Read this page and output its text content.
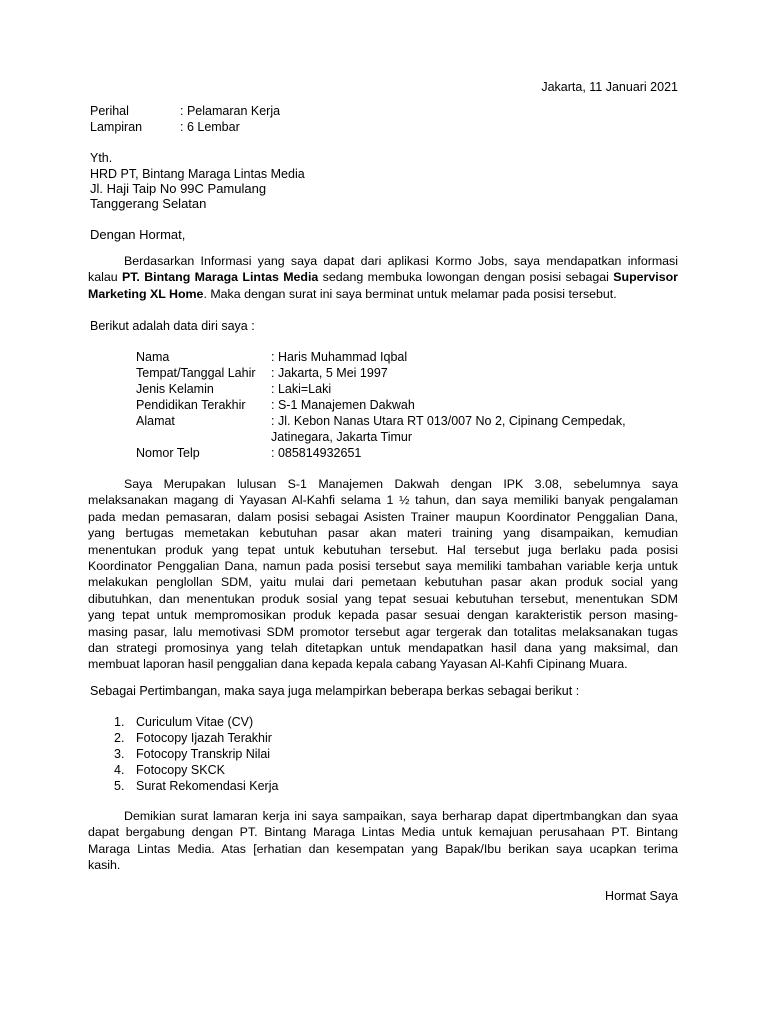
Jakarta, 11 Januari 2021
Perihal	: Pelamaran Kerja
Lampiran	: 6 Lembar
Yth.
HRD PT, Bintang Maraga Lintas Media
Jl. Haji Taip No 99C Pamulang
Tanggerang Selatan
Dengan Hormat,
Berdasarkan Informasi yang saya dapat dari aplikasi Kormo Jobs, saya mendapatkan informasi
kalau PT. Bintang Maraga Lintas Media sedang membuka lowongan dengan posisi sebagai Supervisor
Marketing XL Home. Maka dengan surat ini saya berminat untuk melamar pada posisi tersebut.
Berikut adalah data diri saya :
Nama	: Haris Muhammad Iqbal
Tempat/Tanggal Lahir : Jakarta, 5 Mei 1997
Jenis Kelamin	: Laki=Laki
Pendidikan Terakhir : S-1 Manajemen Dakwah
Alamat	: Jl. Kebon Nanas Utara RT 013/007 No 2, Cipinang Cempedak,
Jatinegara, Jakarta Timur
Nomor Telp	: 085814932651
Saya Merupakan lulusan S-1 Manajemen Dakwah dengan IPK 3.08, sebelumnya saya
melaksanakan magang di Yayasan Al-Kahfi selama 1 ½ tahun, dan saya memiliki banyak pengalaman
pada medan pemasaran, dalam posisi sebagai Asisten Trainer maupun Koordinator Penggalian Dana,
yang bertugas memetakan kebutuhan pasar akan materi training yang disampaikan, kemudian
menentukan produk yang tepat untuk kebutuhan tersebut. Hal tersebut juga berlaku pada posisi
Koordinator Penggalian Dana, namun pada posisi tersebut saya memiliki tambahan variable kerja untuk
melakukan penglollan SDM, yaitu mulai dari pemetaan kebutuhan pasar akan produk social yang
dibutuhkan, dan menentukan produk sosial yang tepat sesuai kebutuhan tersebut, menentukan SDM
yang tepat untuk mempromosikan produk kepada pasar sesuai dengan karakteristik person masing-
masing pasar, lalu memotivasi SDM promotor tersebut agar tergerak dan totalitas melaksanakan tugas
dan strategi promosinya yang telah ditetapkan untuk mendapatkan hasil dana yang maksimal, dan
membuat laporan hasil penggalian dana kepada kepala cabang Yayasan Al-Kahfi Cipinang Muara.
Sebagai Pertimbangan, maka saya juga melampirkan beberapa berkas sebagai berikut :
1. Curiculum Vitae (CV)
2. Fotocopy Ijazah Terakhir
3. Fotocopy Transkrip Nilai
4. Fotocopy SKCK
5. Surat Rekomendasi Kerja
Demikian surat lamaran kerja ini saya sampaikan, saya berharap dapat dipertmbangkan dan syaa
dapat bergabung dengan PT. Bintang Maraga Lintas Media untuk kemajuan perusahaan PT. Bintang
Maraga Lintas Media. Atas [erhatian dan kesempatan yang Bapak/Ibu berikan saya ucapkan terima
kasih.
Hormat Saya
